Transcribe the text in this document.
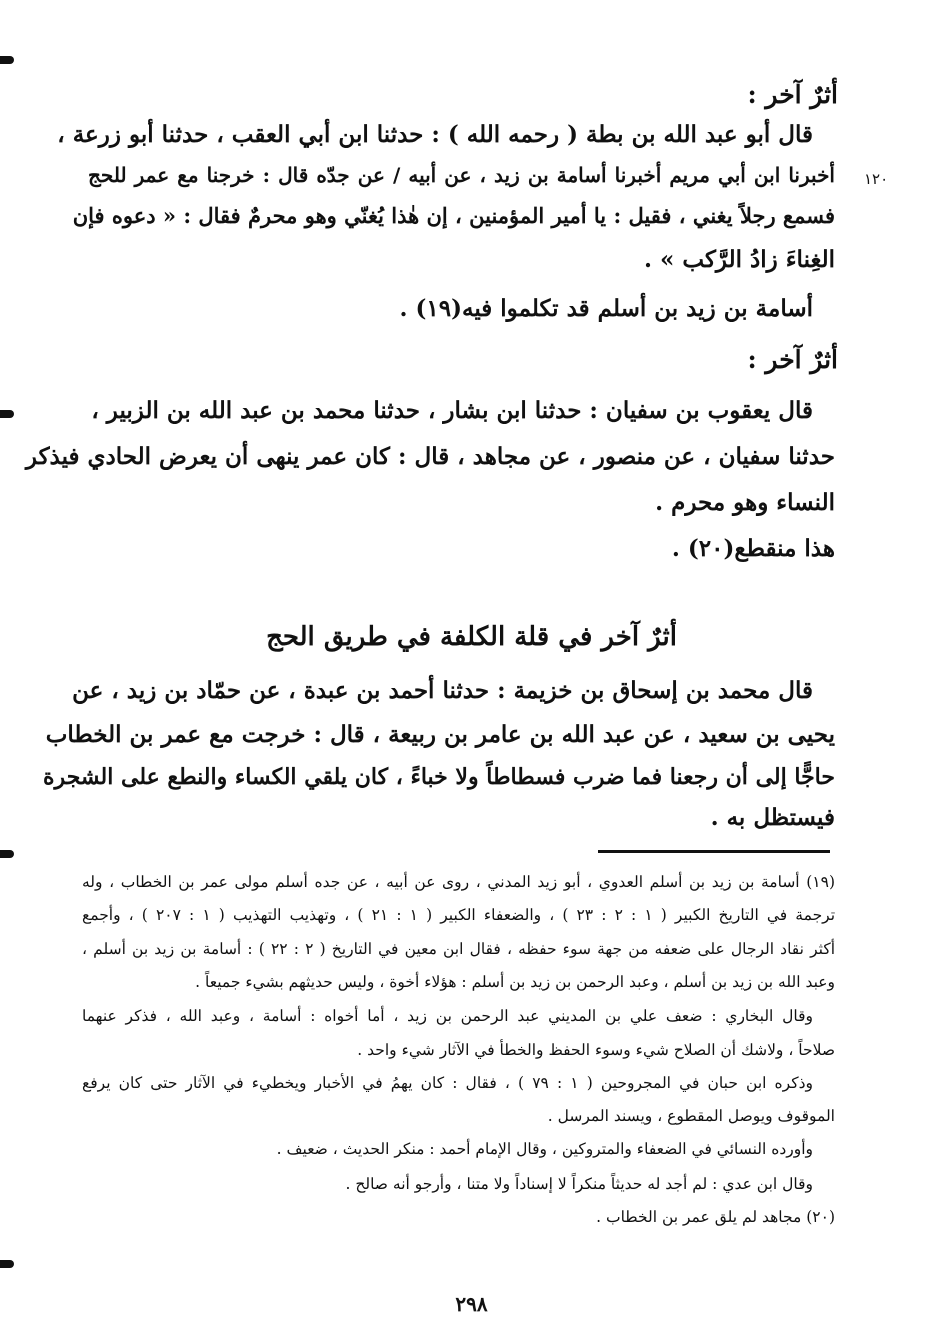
أثرٌ آخر :
قال أبو عبد الله بن بطة ( رحمه الله ) : حدثنا ابن أبي العقب ، حدثنا أبو زرعة ،
١٢٠
أخبرنا ابن أبي مريم أخبرنا أسامة بن زيد ، عن أبيه / عن جدّه قال : خرجنا مع عمر للحج
فسمع رجلاً يغني ، فقيل : يا أمير المؤمنين ، إن هٰذا يُغنّي وهو محرمٌ فقال : « دعوه فإن
الغِناءَ زادُ الرَّكب » .
أسامة بن زيد بن أسلم قد تكلموا فيه(١٩) .
أثرٌ آخر :
قال يعقوب بن سفيان : حدثنا ابن بشار ، حدثنا محمد بن عبد الله بن الزبير ،
حدثنا سفيان ، عن منصور ، عن مجاهد ، قال : كان عمر ينهى أن يعرض الحادي فيذكر
النساء وهو محرم .
هذا منقطع(٢٠) .
أثرٌ آخر في قلة الكلفة في طريق الحج
قال محمد بن إسحاق بن خزيمة : حدثنا أحمد بن عبدة ، عن حمّاد بن زيد ، عن
يحيى بن سعيد ، عن عبد الله بن عامر بن ربيعة ، قال : خرجت مع عمر بن الخطاب
حاجًّا إلى أن رجعنا فما ضرب فسطاطاً ولا خباءً ، كان يلقي الكساء والنطع على الشجرة
فيستظل به .
(١٩) أسامة بن زيد بن أسلم العدوي ، أبو زيد المدني ، روى عن أبيه ، عن جده أسلم مولى عمر بن الخطاب ، وله
ترجمة في التاريخ الكبير ( ١ : ٢ : ٢٣ ) ، والضعفاء الكبير ( ١ : ٢١ ) ، وتهذيب التهذيب ( ١ : ٢٠٧ ) ، وأجمع
أكثر نقاد الرجال على ضعفه من جهة سوء حفظه ، فقال ابن معين في التاريخ ( ٢ : ٢٢ ) : أسامة بن زيد بن أسلم ،
وعبد الله بن زيد بن أسلم ، وعبد الرحمن بن زيد بن أسلم : هؤلاء أخوة ، وليس حديثهم بشيء جميعاً .
وقال البخاري : ضعف علي بن المديني عبد الرحمن بن زيد ، أما أخواه : أسامة ، وعبد الله ، فذكر عنهما
صلاحاً ، ولاشك أن الصلاح شيء وسوء الحفظ والخطأ في الآثار شيء واحد .
وذكره ابن حبان في المجروحين ( ١ : ٧٩ ) ، فقال : كان يهمُ في الأخبار ويخطيء في الآثار حتى كان يرفع
الموقوف ويوصل المقطوع ، ويسند المرسل .
وأورده النسائي في الضعفاء والمتروكين ، وقال الإمام أحمد : منكر الحديث ، ضعيف .
وقال ابن عدي : لم أجد له حديثاً منكراً لا إسناداً ولا متنا ، وأرجو أنه صالح .
(٢٠) مجاهد لم يلق عمر بن الخطاب .
٢٩٨
